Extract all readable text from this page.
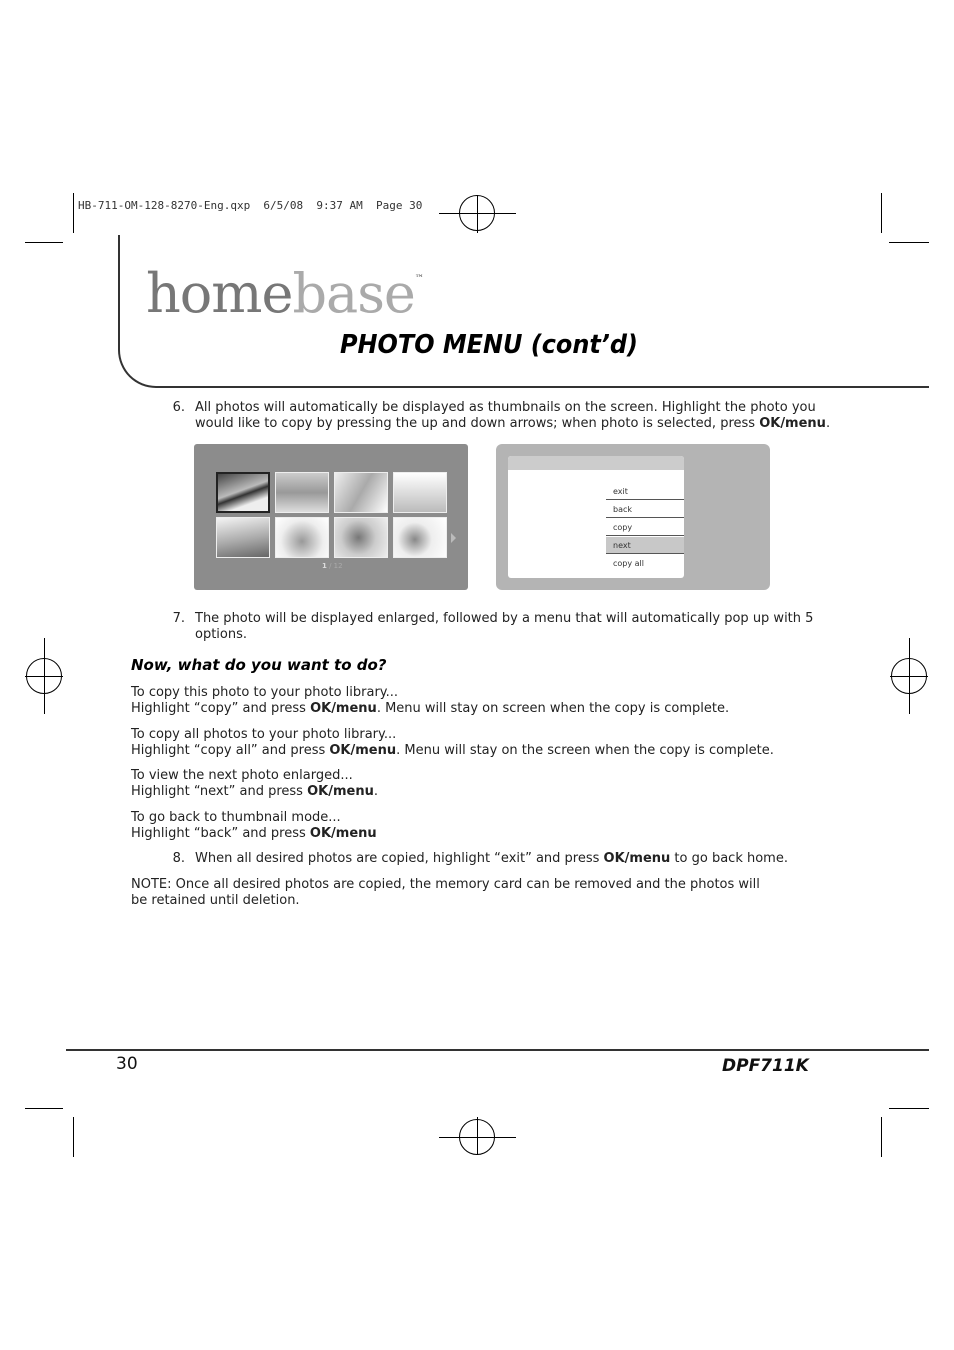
HB-711-OM-128-8270-Eng.qxp  6/5/08  9:37 AM  Page 30
homebase™
PHOTO MENU (cont’d)
6. All photos will automatically be displayed as thumbnails on the screen. Highlight the photo you
would like to copy by pressing the up and down arrows; when photo is selected, press OK/menu.
1 / 12
exit
back
copy
next
copy all
7. The photo will be displayed enlarged, followed by a menu that will automatically pop up with 5
options.
Now, what do you want to do?
To copy this photo to your photo library...
Highlight “copy” and press OK/menu. Menu will stay on screen when the copy is complete.
To copy all photos to your photo library...
Highlight “copy all” and press OK/menu. Menu will stay on the screen when the copy is complete.
To view the next photo enlarged...
Highlight “next” and press OK/menu.
To go back to thumbnail mode...
Highlight “back” and press OK/menu
8. When all desired photos are copied, highlight “exit” and press OK/menu to go back home.
NOTE: Once all desired photos are copied, the memory card can be removed and the photos will
be retained until deletion.
30	DPF711K
